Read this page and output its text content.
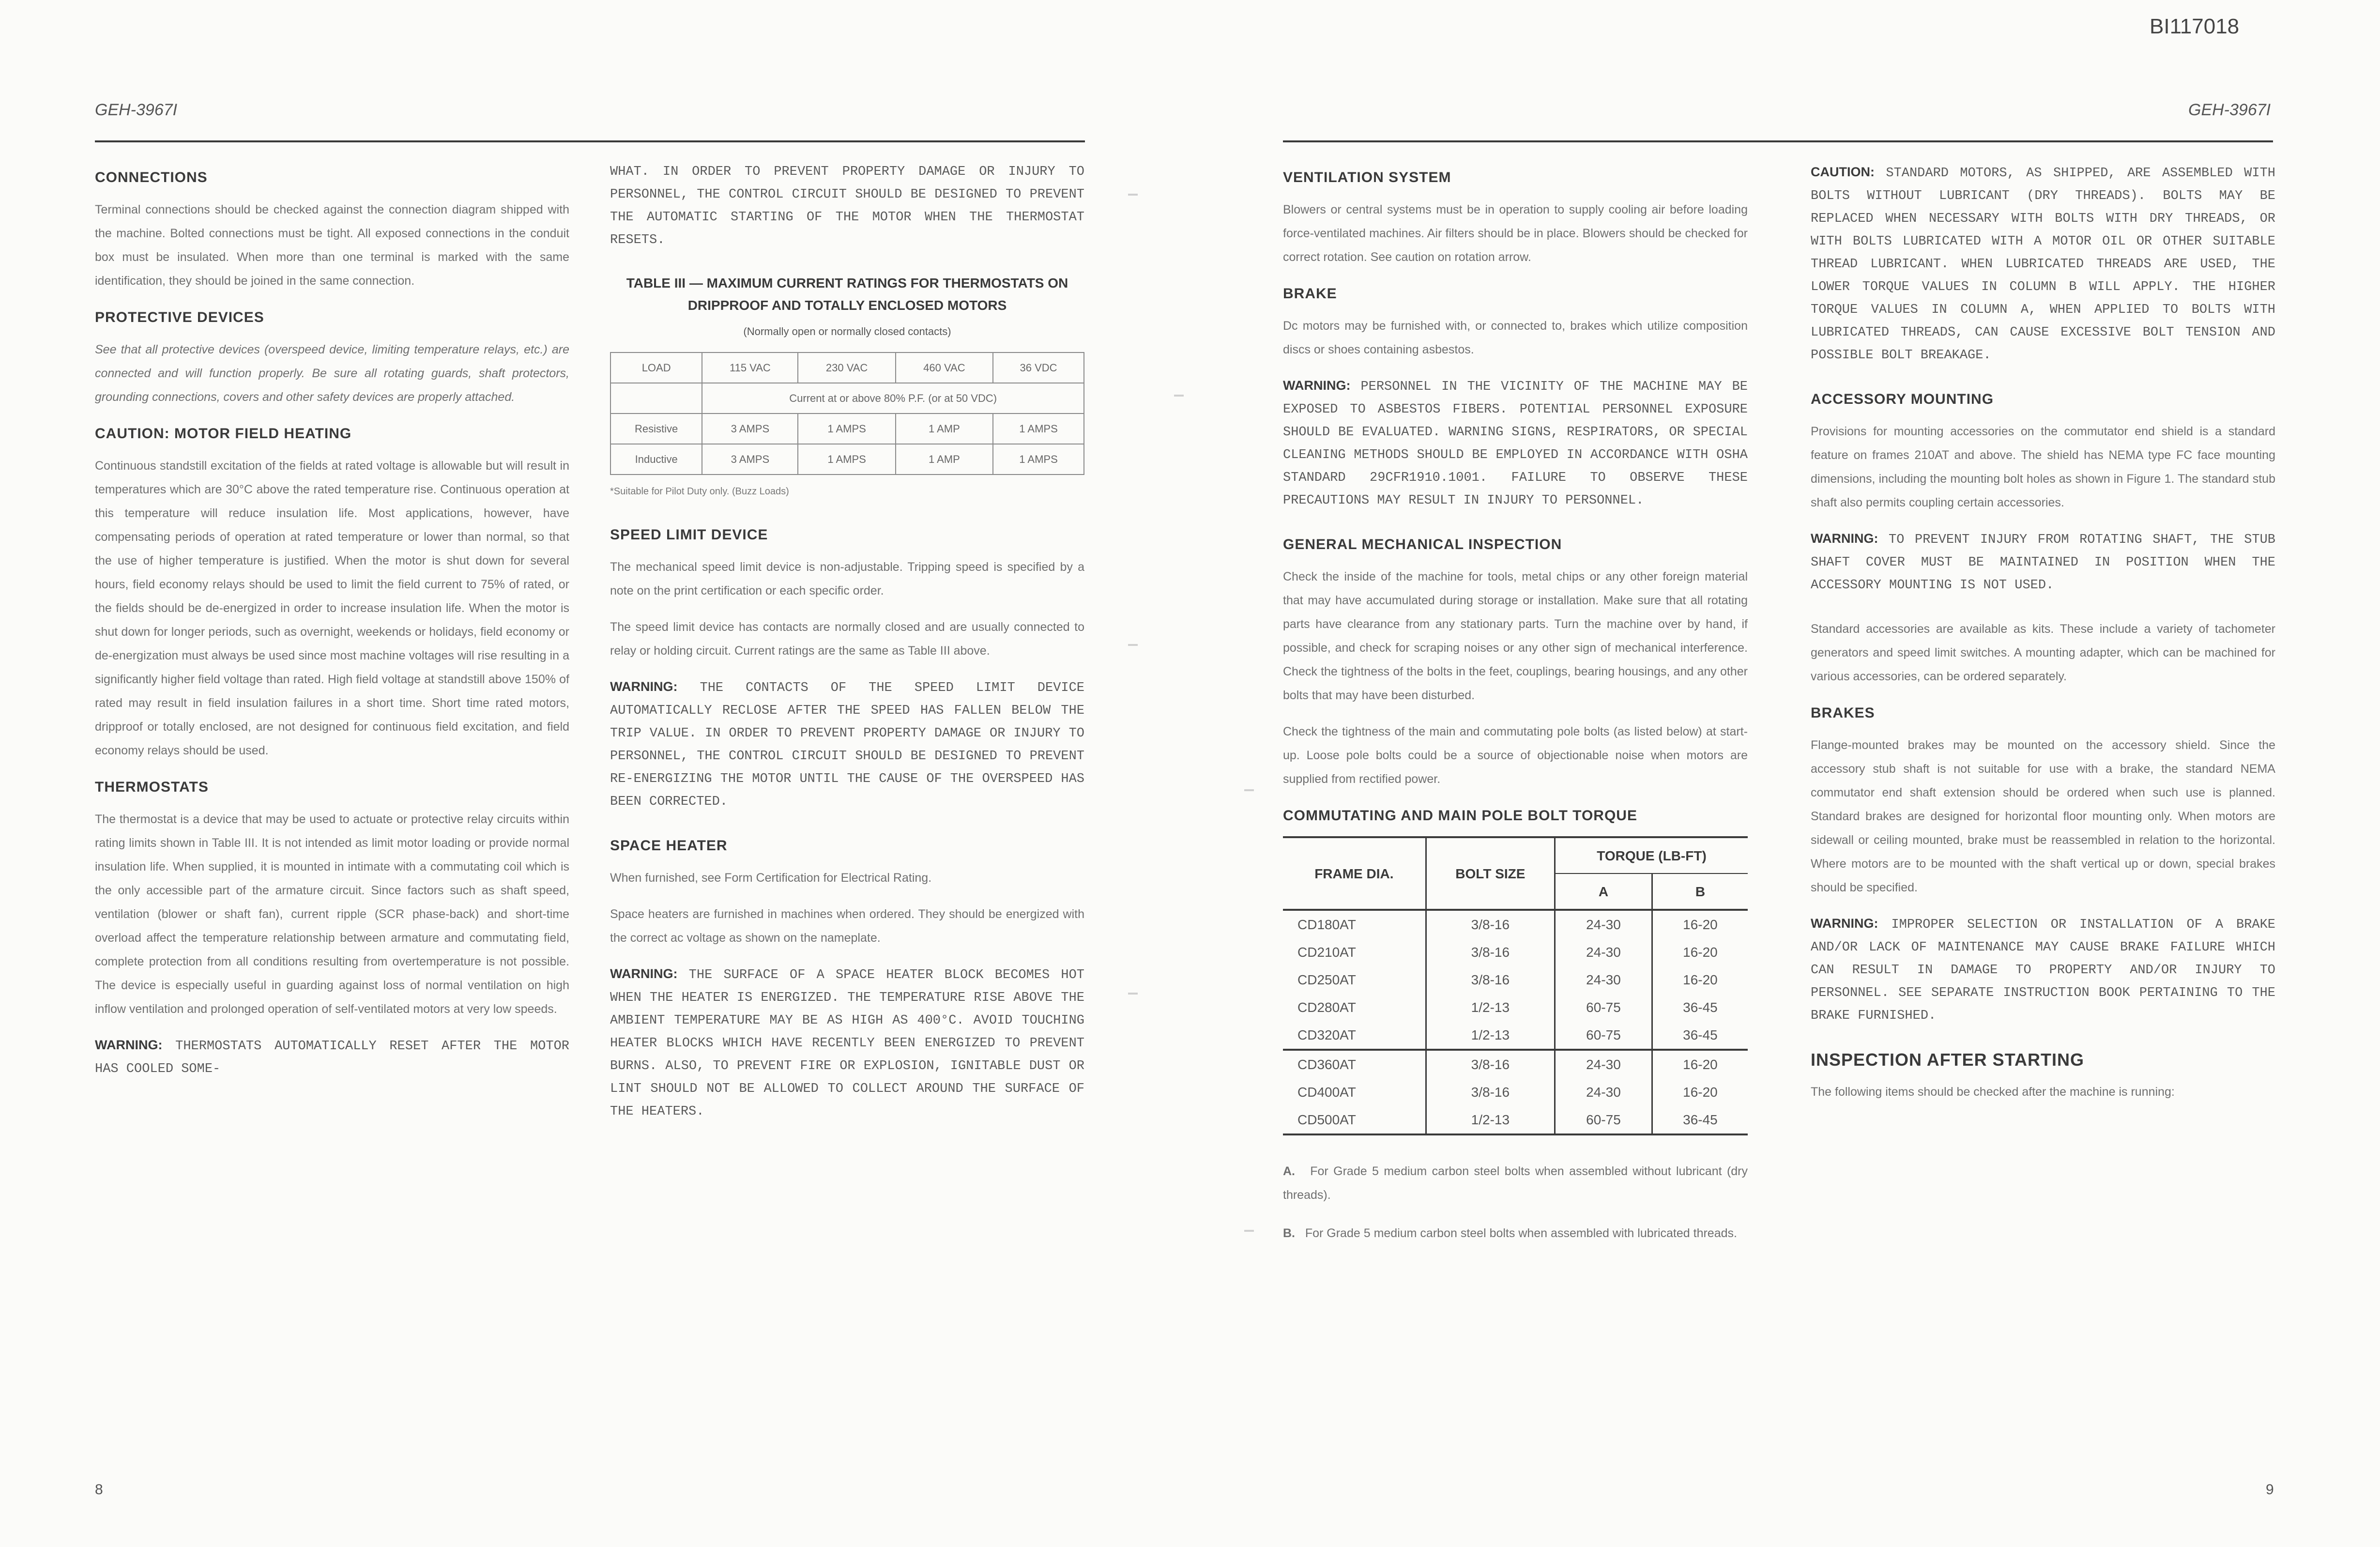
BI117018
GEH-3967I
CONNECTIONS

Terminal connections should be checked against the connection diagram shipped with the machine. Bolted connections must be tight. All exposed connections in the conduit box must be insulated. When more than one terminal is marked with the same identification, they should be joined in the same connection.

PROTECTIVE DEVICES

See that all protective devices (overspeed device, limiting temperature relays, etc.) are connected and will function properly. Be sure all rotating guards, shaft protectors, grounding connections, covers and other safety devices are properly attached.

CAUTION: MOTOR FIELD HEATING

Continuous standstill excitation of the fields at rated voltage is allowable but will result in temperatures which are 30°C above the rated temperature rise. Continuous operation at this temperature will reduce insulation life. Most applications, however, have compensating periods of operation at rated temperature or lower than normal, so that the use of higher temperature is justified. When the motor is shut down for several hours, field economy relays should be used to limit the field current to 75% of rated, or the fields should be de-energized in order to increase insulation life. When the motor is shut down for longer periods, such as overnight, weekends or holidays, field economy or de-energization must always be used since most machine voltages will rise resulting in a significantly higher field voltage than rated. High field voltage at standstill above 150% of rated may result in field insulation failures in a short time. Short time rated motors, dripproof or totally enclosed, are not designed for continuous field excitation, and field economy relays should be used.

THERMOSTATS

The thermostat is a device that may be used to actuate or protective relay circuits within rating limits shown in Table III. It is not intended as limit motor loading or provide normal insulation life. When supplied, it is mounted in intimate with a commutating coil which is the only accessible part of the armature circuit. Since factors such as shaft speed, ventilation (blower or shaft fan), current ripple (SCR phase-back) and short-time overload affect the temperature relationship between armature and commutating field, complete protection from all conditions resulting from overtemperature is not possible. The device is especially useful in guarding against loss of normal ventilation on high inflow ventilation and prolonged operation of self-ventilated motors at very low speeds.

WARNING: THERMOSTATS AUTOMATICALLY RESET AFTER THE MOTOR HAS COOLED SOME-
WHAT. IN ORDER TO PREVENT PROPERTY DAMAGE OR INJURY TO PERSONNEL, THE CONTROL CIRCUIT SHOULD BE DESIGNED TO PREVENT THE AUTOMATIC STARTING OF THE MOTOR WHEN THE THERMOSTAT RESETS.
TABLE III — MAXIMUM CURRENT RATINGS FOR THERMOSTATS ON DRIPPROOF AND TOTALLY ENCLOSED MOTORS
(Normally open or normally closed contacts)
LOAD	115 VAC	230 VAC	460 VAC	36 VDC
	Current at or above 80% P.F. (or at 50 VDC)			
Resistive	3 AMPS	1 AMPS	1 AMP	1 AMPS
Inductive	3 AMPS	1 AMPS	1 AMP	1 AMPS
*Suitable for Pilot Duty only. (Buzz Loads)
SPEED LIMIT DEVICE

The mechanical speed limit device is non-adjustable. Tripping speed is specified by a note on the print certification or each specific order.

The speed limit device has contacts are normally closed and are usually connected to relay or holding circuit. Current ratings are the same as Table III above.

WARNING: THE CONTACTS OF THE SPEED LIMIT DEVICE AUTOMATICALLY RECLOSE AFTER THE SPEED HAS FALLEN BELOW THE TRIP VALUE. IN ORDER TO PREVENT PROPERTY DAMAGE OR INJURY TO PERSONNEL, THE CONTROL CIRCUIT SHOULD BE DESIGNED TO PREVENT RE-ENERGIZING THE MOTOR UNTIL THE CAUSE OF THE OVERSPEED HAS BEEN CORRECTED.
SPACE HEATER

When furnished, see Form Certification for Electrical Rating.

Space heaters are furnished in machines when ordered. They should be energized with the correct ac voltage as shown on the nameplate.

WARNING: THE SURFACE OF A SPACE HEATER BLOCK BECOMES HOT WHEN THE HEATER IS ENERGIZED. THE TEMPERATURE RISE ABOVE THE AMBIENT TEMPERATURE MAY BE AS HIGH AS 400°C. AVOID TOUCHING HEATER BLOCKS WHICH HAVE RECENTLY BEEN ENERGIZED TO PREVENT BURNS. ALSO, TO PREVENT FIRE OR EXPLOSION, IGNITABLE DUST OR LINT SHOULD NOT BE ALLOWED TO COLLECT AROUND THE SURFACE OF THE HEATERS.
8
GEH-3967I
VENTILATION SYSTEM

Blowers or central systems must be in operation to supply cooling air before loading force-ventilated machines. Air filters should be in place. Blowers should be checked for correct rotation. See caution on rotation arrow.

BRAKE

Dc motors may be furnished with, or connected to, brakes which utilize composition discs or shoes containing asbestos.

WARNING: PERSONNEL IN THE VICINITY OF THE MACHINE MAY BE EXPOSED TO ASBESTOS FIBERS. POTENTIAL PERSONNEL EXPOSURE SHOULD BE EVALUATED. WARNING SIGNS, RESPIRATORS, OR SPECIAL CLEANING METHODS SHOULD BE EMPLOYED IN ACCORDANCE WITH OSHA STANDARD 29CFR1910.1001. FAILURE TO OBSERVE THESE PRECAUTIONS MAY RESULT IN INJURY TO PERSONNEL.
GENERAL MECHANICAL INSPECTION

Check the inside of the machine for tools, metal chips or any other foreign material that may have accumulated during storage or installation. Make sure that all rotating parts have clearance from any stationary parts. Turn the machine over by hand, if possible, and check for scraping noises or any other sign of mechanical interference. Check the tightness of the bolts in the feet, couplings, bearing housings, and any other bolts that may have been disturbed.

Check the tightness of the main and commutating pole bolts (as listed below) at start-up. Loose pole bolts could be a source of objectionable noise when motors are supplied from rectified power.

COMMUTATING AND MAIN POLE BOLT TORQUE
FRAME DIA.	BOLT SIZE	TORQUE (LB-FT)	
		A	B
CD180AT	3/8-16	24-30	16-20
CD210AT	3/8-16	24-30	16-20
CD250AT	3/8-16	24-30	16-20
CD280AT	1/2-13	60-75	36-45
CD320AT	1/2-13	60-75	36-45
CD360AT	3/8-16	24-30	16-20
CD400AT	3/8-16	24-30	16-20
CD500AT	1/2-13	60-75	36-45

A. For Grade 5 medium carbon steel bolts when assembled without lubricant (dry threads).

B. For Grade 5 medium carbon steel bolts when assembled with lubricated threads.

CAUTION: STANDARD MOTORS, AS SHIPPED, ARE ASSEMBLED WITH BOLTS WITHOUT LUBRICANT (DRY THREADS). BOLTS MAY BE REPLACED WHEN NECESSARY WITH BOLTS WITH DRY THREADS, OR WITH BOLTS LUBRICATED WITH A MOTOR OIL OR OTHER SUITABLE THREAD LUBRICANT. WHEN LUBRICATED THREADS ARE USED, THE LOWER TORQUE VALUES IN COLUMN B WILL APPLY. THE HIGHER TORQUE VALUES IN COLUMN A, WHEN APPLIED TO BOLTS WITH LUBRICATED THREADS, CAN CAUSE EXCESSIVE BOLT TENSION AND POSSIBLE BOLT BREAKAGE.
ACCESSORY MOUNTING

Provisions for mounting accessories on the commutator end shield is a standard feature on frames 210AT and above. The shield has NEMA type FC face mounting dimensions, including the mounting bolt holes as shown in Figure 1. The standard stub shaft also permits coupling certain accessories.

WARNING: TO PREVENT INJURY FROM ROTATING SHAFT, THE STUB SHAFT COVER MUST BE MAINTAINED IN POSITION WHEN THE ACCESSORY MOUNTING IS NOT USED.

Standard accessories are available as kits. These include a variety of tachometer generators and speed limit switches. A mounting adapter, which can be machined for various accessories, can be ordered separately.

BRAKES

Flange-mounted brakes may be mounted on the accessory shield. Since the accessory stub shaft is not suitable for use with a brake, the standard NEMA commutator end shaft extension should be ordered when such use is planned. Standard brakes are designed for horizontal floor mounting only. When motors are sidewall or ceiling mounted, brake must be reassembled in relation to the horizontal. Where motors are to be mounted with the shaft vertical up or down, special brakes should be specified.

WARNING: IMPROPER SELECTION OR INSTALLATION OF A BRAKE AND/OR LACK OF MAINTENANCE MAY CAUSE BRAKE FAILURE WHICH CAN RESULT IN DAMAGE TO PROPERTY AND/OR INJURY TO PERSONNEL. SEE SEPARATE INSTRUCTION BOOK PERTAINING TO THE BRAKE FURNISHED.
INSPECTION AFTER STARTING

The following items should be checked after the machine is running:

9
